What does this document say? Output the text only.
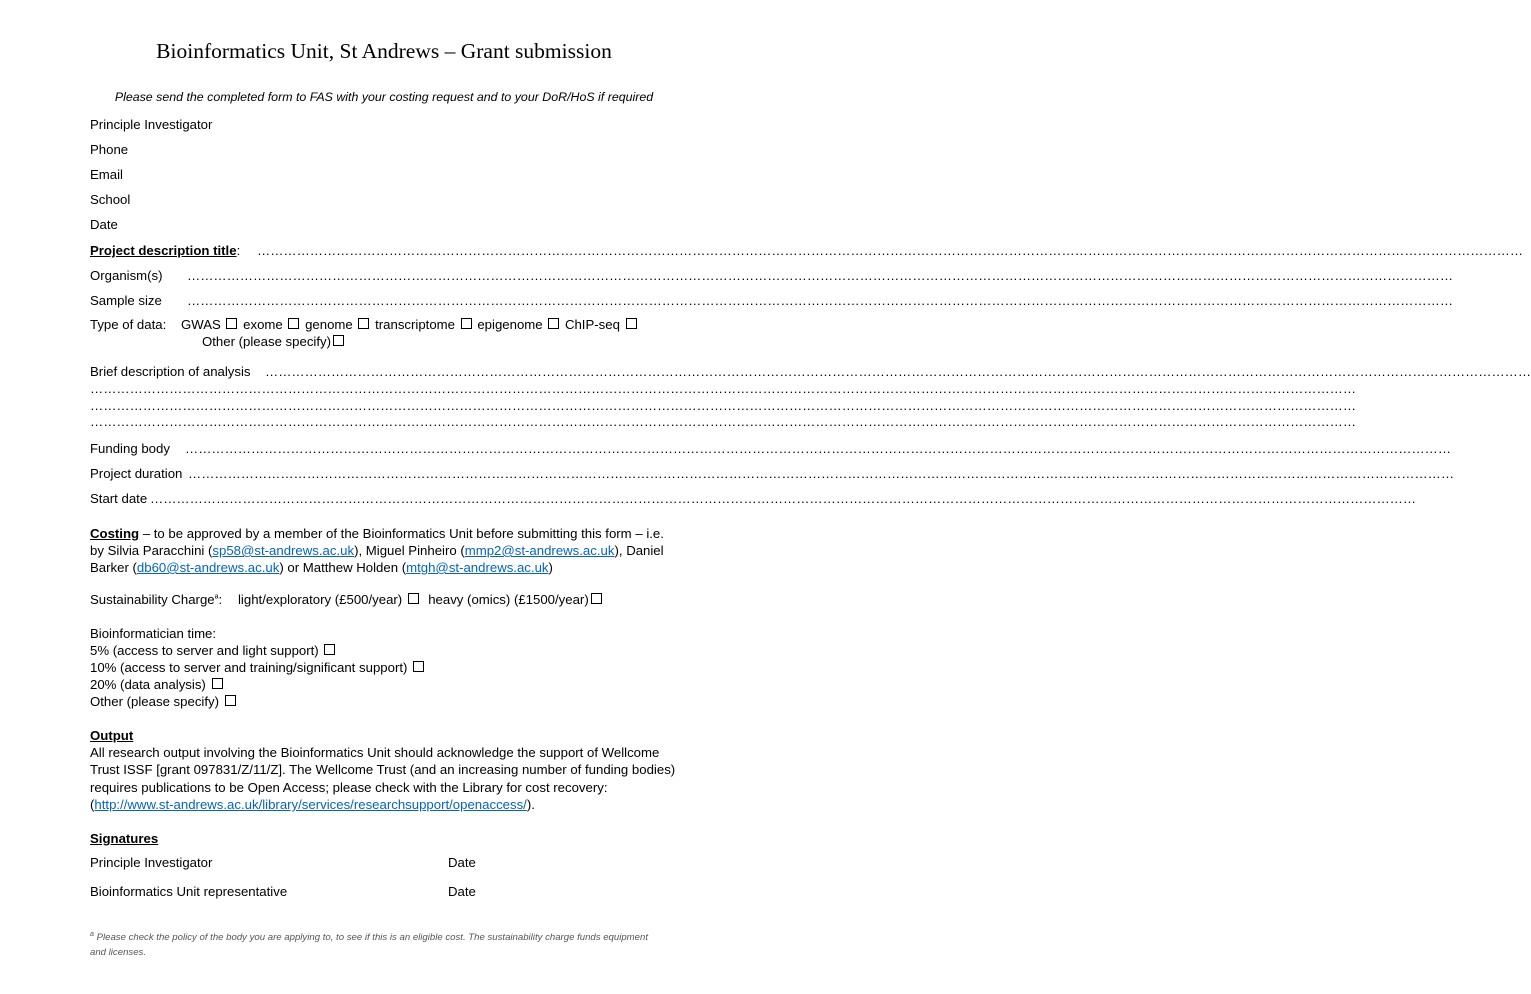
Bioinformatics Unit, St Andrews – Grant submission
Please send the completed form to FAS with your costing request and to your DoR/HoS if required
Principle Investigator
Phone
Email
School
Date
Project description title: ………………………………………………………………………………………………………………………………………………………………………………………………………………………………………………………………
Organism(s) ………………………………………………………………………………………………………………………………………………………………………………………………………………………………………………………………
Sample size ………………………………………………………………………………………………………………………………………………………………………………………………………………………………………………………………
Type of data: GWAS exome genome transcriptome epigenome ChIP-seq
Other (please specify)
Brief description of analysis ………………………………………………………………………………………………………………………………………………………………………………………………………………………………………………………………
………………………………………………………………………………………………………………………………………………………………………………………………………………………………………………………………
………………………………………………………………………………………………………………………………………………………………………………………………………………………………………………………………
………………………………………………………………………………………………………………………………………………………………………………………………………………………………………………………………
Funding body ………………………………………………………………………………………………………………………………………………………………………………………………………………………………………………………………
Project duration ………………………………………………………………………………………………………………………………………………………………………………………………………………………………………………………………
Start date ………………………………………………………………………………………………………………………………………………………………………………………………………………………………………………………………
Costing – to be approved by a member of the Bioinformatics Unit before submitting this form – i.e.
by Silvia Paracchini (sp58@st-andrews.ac.uk), Miguel Pinheiro (mmp2@st-andrews.ac.uk), Daniel
Barker (db60@st-andrews.ac.uk) or Matthew Holden (mtgh@st-andrews.ac.uk)
Sustainability Charge$^a$: light/exploratory (£500/year) heavy (omics) (£1500/year)
Bioinformatician time:
5% (access to server and light support)
10% (access to server and training/significant support)
20% (data analysis)
Other (please specify)
Output
All research output involving the Bioinformatics Unit should acknowledge the support of Wellcome
Trust ISSF [grant 097831/Z/11/Z]. The Wellcome Trust (and an increasing number of funding bodies)
requires publications to be Open Access; please check with the Library for cost recovery:
(http://www.st-andrews.ac.uk/library/services/researchsupport/openaccess/).
Signatures
Principle Investigator	Date
Bioinformatics Unit representative	Date
$^a$ Please check the policy of the body you are applying to, to see if this is an eligible cost. The sustainability charge funds equipment and licenses.
